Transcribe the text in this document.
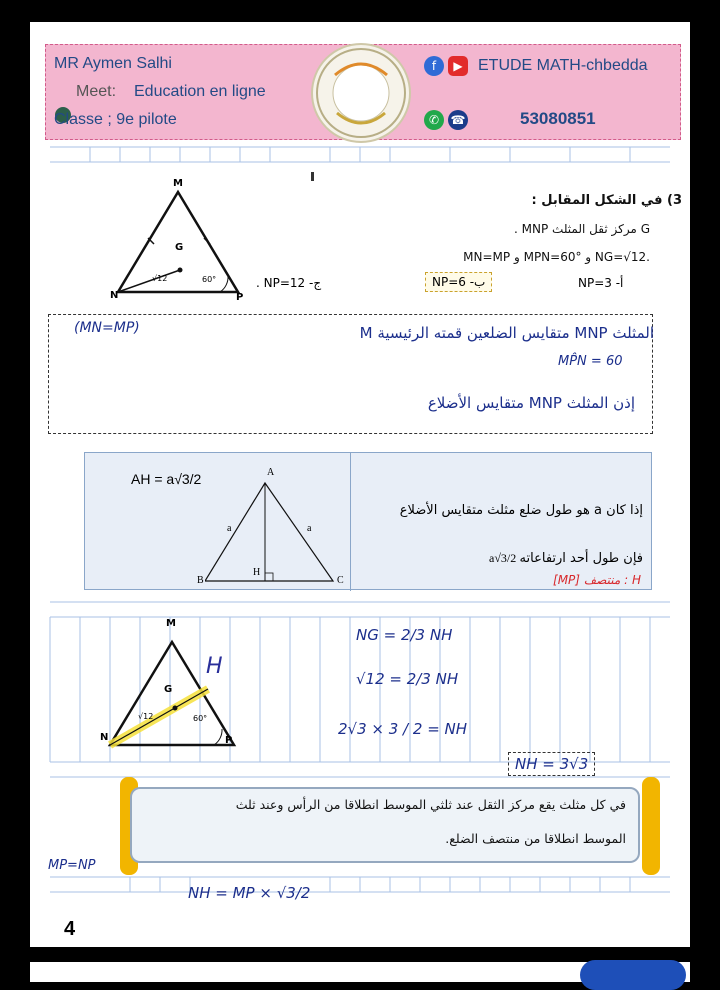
MR Aymen Salhi
Meet: Education en ligne
Classe ; 9e pilote
f ▶ ETUDE MATH-chbedda
✆ ☎	53080851
3) في الشكل المقابل :
G مركز ثقل المثلث MNP .
.NG=√12 و MPN=60° و MN=MP
. NP=12 -ج	NP=6 -ب	NP=3 -أ
M
G
N	P
√12	60°
(MN=MP)	المثلث MNP متقايس الضلعين قمته الرئيسية M
MP̂N = 60
إذن المثلث MNP متقايس الأضلاع
AH = a√3/2	A
B	C
H
a	a
إذا كان a هو طول ضلع مثلث متقايس الأضلاع
فإن طول أحد ارتفاعاته
a√3/2
H : منتصف [MP]
M
G
N	P
H
√12	60°
NG = 2/3 NH
√12 = 2/3 NH
2√3 × 3 / 2 = NH
NH = 3√3
في كل مثلث يقع مركز الثقل عند ثلثي الموسط انطلاقا من الرأس وعند ثلث
الموسط انطلاقا من منتصف الضلع.
MP=NP
NH = MP × √3/2
4
